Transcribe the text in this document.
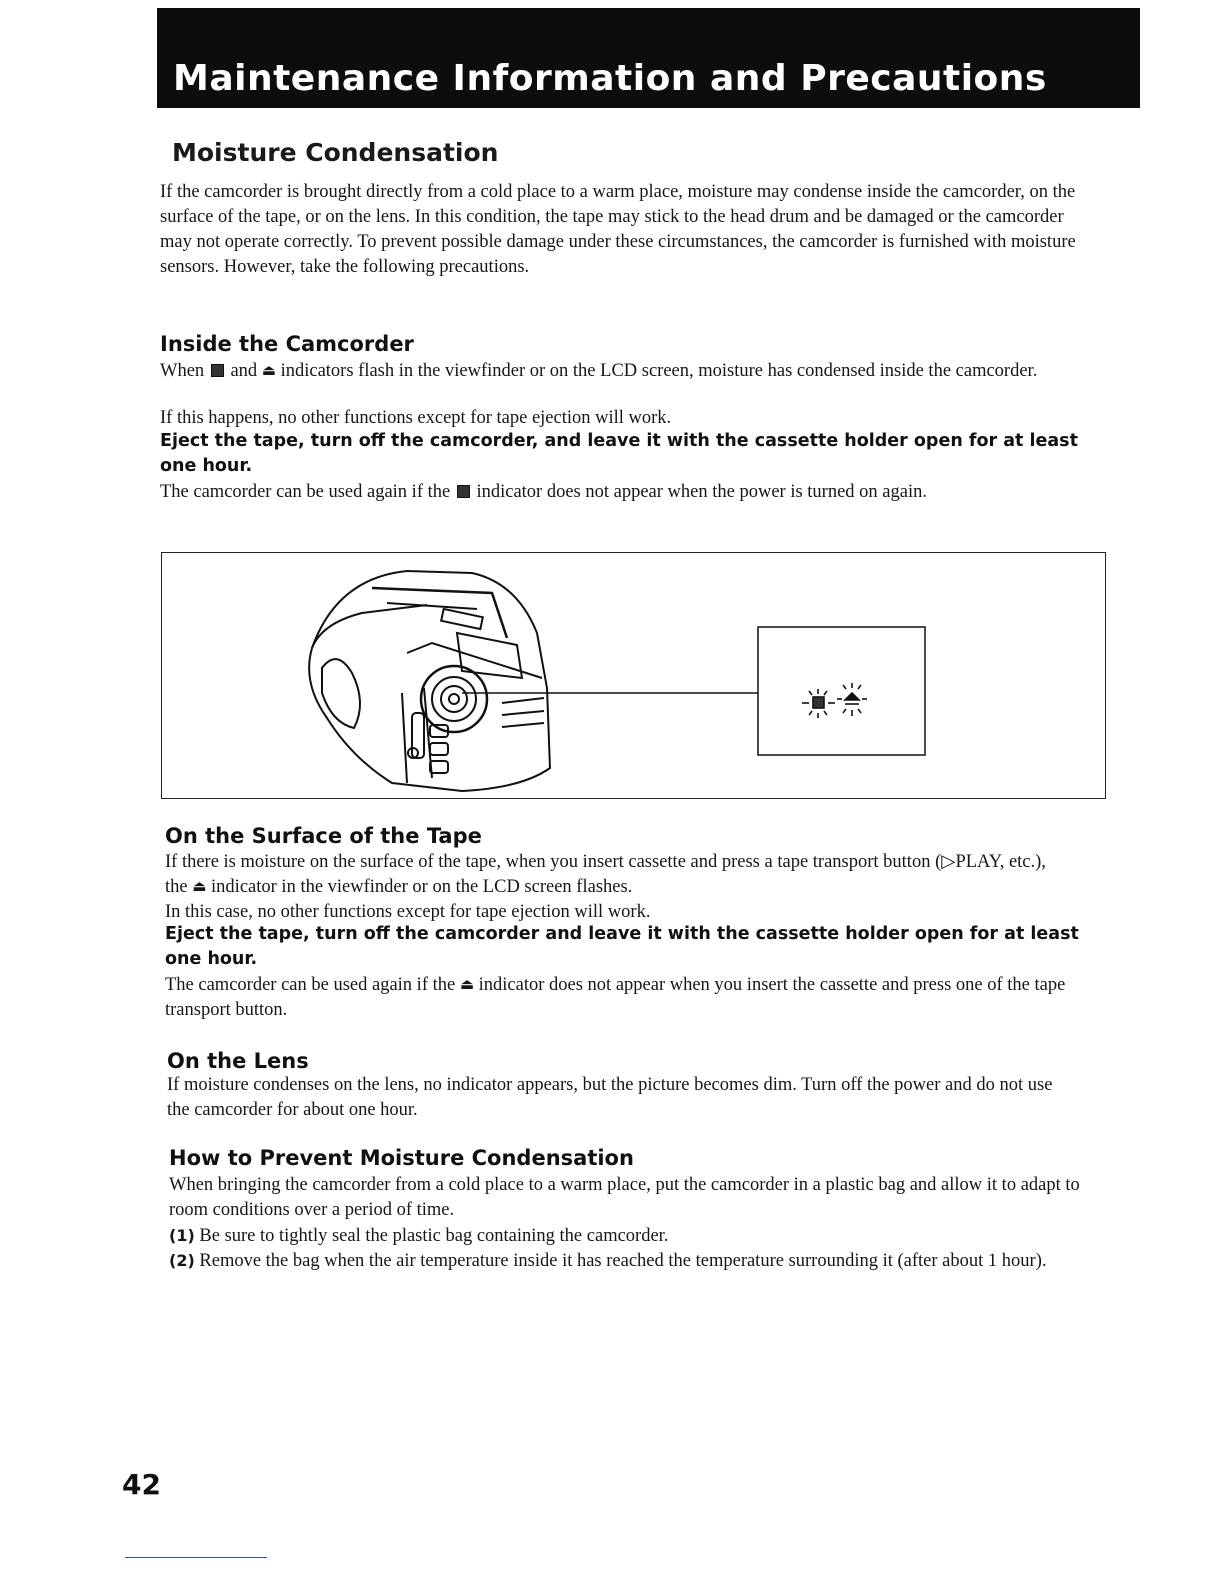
Maintenance Information and Precautions
Moisture Condensation
If the camcorder is brought directly from a cold place to a warm place, moisture may condense inside the camcorder, on the surface of the tape, or on the lens. In this condition, the tape may stick to the head drum and be damaged or the camcorder may not operate correctly. To prevent possible damage under these circumstances, the camcorder is furnished with moisture sensors. However, take the following precautions.
Inside the Camcorder
When and ⏏ indicators flash in the viewfinder or on the LCD screen, moisture has condensed inside the camcorder.
If this happens, no other functions except for tape ejection will work.
Eject the tape, turn off the camcorder, and leave it with the cassette holder open for at least one hour.
The camcorder can be used again if the indicator does not appear when the power is turned on again.
On the Surface of the Tape
If there is moisture on the surface of the tape, when you insert cassette and press a tape transport button (▷PLAY, etc.), the ⏏ indicator in the viewfinder or on the LCD screen flashes.
In this case, no other functions except for tape ejection will work.
Eject the tape, turn off the camcorder and leave it with the cassette holder open for at least one hour.
The camcorder can be used again if the ⏏ indicator does not appear when you insert the cassette and press one of the tape transport button.
On the Lens
If moisture condenses on the lens, no indicator appears, but the picture becomes dim. Turn off the power and do not use the camcorder for about one hour.
How to Prevent Moisture Condensation
When bringing the camcorder from a cold place to a warm place, put the camcorder in a plastic bag and allow it to adapt to room conditions over a period of time.
(1) Be sure to tightly seal the plastic bag containing the camcorder.
(2) Remove the bag when the air temperature inside it has reached the temperature surrounding it (after about 1 hour).
42
